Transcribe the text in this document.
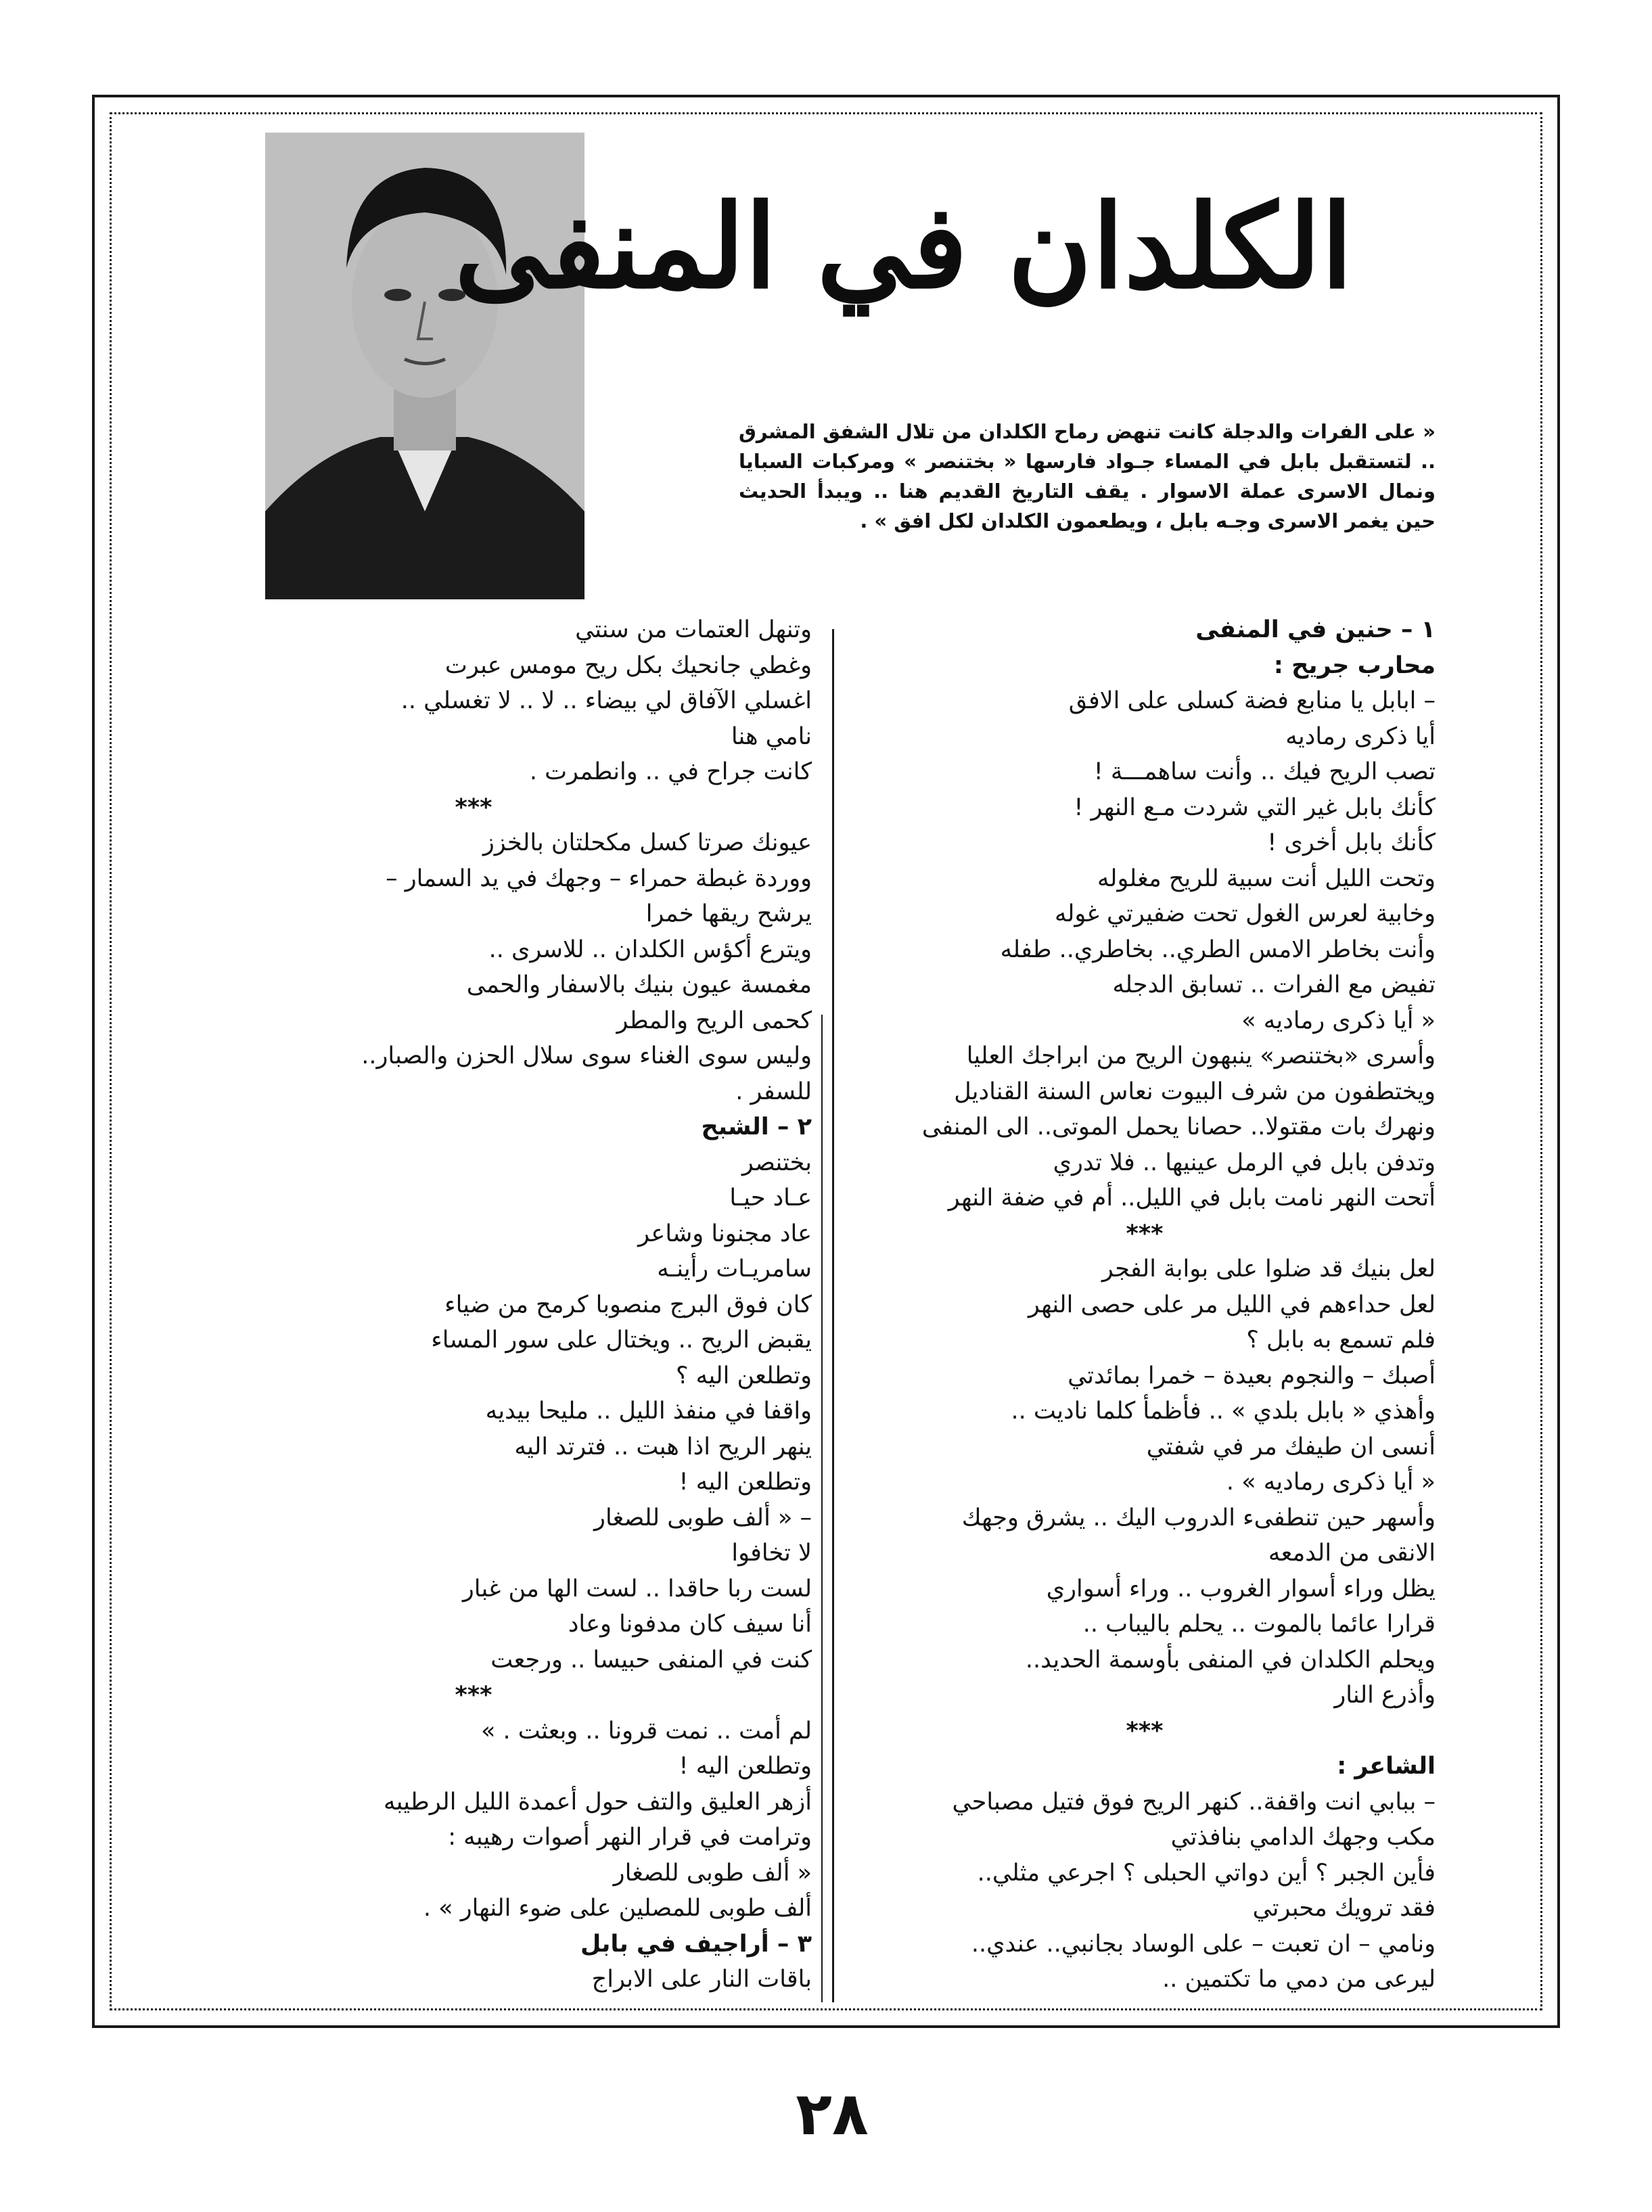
الكلدان في المنفى

« على الفرات والدجلة كانت تنهض رماح الكلدان من تلال الشفق المشرق .. لتستقبل بابل في المساء جـواد فارسها « بختنصر » ومركبات السبايا ونمال الاسرى عملة الاسوار . يقف التاريخ القديم هنا .. ويبدأ الحديث حين يغمر الاسرى وجـه بابل ، ويطعمون الكلدان لكل افق » .

١ – حنين في المنفى
محارب جريح :
– ابابل يا منابع فضة كسلى على الافق
أيا ذكرى رماديه
تصب الريح فيك .. وأنت ساهمـــة !
كأنك بابل غير التي شردت مـع النهر !
كأنك بابل أخرى !
وتحت الليل أنت سبية للريح مغلوله
وخابية لعرس الغول تحت ضفيرتي غوله
وأنت بخاطر الامس الطري.. بخاطري.. طفله
تفيض مع الفرات .. تسابق الدجله
« أيا ذكرى رماديه »
وأسرى «بختنصر» ينبهون الريح من ابراجك العليا
ويختطفون من شرف البيوت نعاس السنة القناديل
ونهرك بات مقتولا.. حصانا يحمل الموتى.. الى المنفى
وتدفن بابل في الرمل عينيها .. فلا تدري
أتحت النهر نامت بابل في الليل.. أم في ضفة النهر
***
لعل بنيك قد ضلوا على بوابة الفجر
لعل حداءهم في الليل مر على حصى النهر
فلم تسمع به بابل ؟
أصبك – والنجوم بعيدة – خمرا بمائدتي
وأهذي « بابل بلدي » .. فأظمأ كلما ناديت ..
أنسى ان طيفك مر في شفتي
« أيا ذكرى رماديه » .
وأسهر حين تنطفىء الدروب اليك .. يشرق وجهك
الانقى من الدمعه
يظل وراء أسوار الغروب .. وراء أسواري
قرارا عائما بالموت .. يحلم باليباب ..
ويحلم الكلدان في المنفى بأوسمة الحديد..
وأذرع النار
***
الشاعر :
– ببابي انت واقفة.. كنهر الريح فوق فتيل مصباحي
مكب وجهك الدامي بنافذتي
فأين الجبر ؟ أين دواتي الحبلى ؟ اجرعي مثلي..
فقد ترويك محبرتي
ونامي – ان تعبت – على الوساد بجانبي.. عندي..
ليرعى من دمي ما تكتمين ..
وتنهل العتمات من سنتي
وغطي جانحيك بكل ريح مومس عبرت
اغسلي الآفاق لي بيضاء .. لا .. لا تغسلي ..
نامي هنا
كانت جراح في .. وانطمرت .
***
عيونك صرتا كسل مكحلتان بالخزز
ووردة غبطة حمراء – وجهك في يد السمار –
يرشح ريقها خمرا
ويترع أكؤس الكلدان .. للاسرى ..
مغمسة عيون بنيك بالاسفار والحمى
كحمى الريح والمطر
وليس سوى الغناء سوى سلال الحزن والصبار..
للسفر .
٢ – الشبح
بختنصر
عـاد حيـا
عاد مجنونا وشاعر
سامريـات رأينـه
كان فوق البرج منصوبا كرمح من ضياء
يقبض الريح .. ويختال على سور المساء
وتطلعن اليه ؟
واقفا في منفذ الليل .. مليحا بيديه
ينهر الريح اذا هبت .. فترتد اليه
وتطلعن اليه !
– « ألف طوبى للصغار
لا تخافوا
لست ربا حاقدا .. لست الها من غبار
أنا سيف كان مدفونا وعاد
كنت في المنفى حبيسا .. ورجعت
***
لم أمت .. نمت قرونا .. وبعثت . »
وتطلعن اليه !
أزهر العليق والتف حول أعمدة الليل الرطيبه
وترامت في قرار النهر أصوات رهيبه :
« ألف طوبى للصغار
ألف طوبى للمصلين على ضوء النهار » .
٣ – أراجيف في بابل
باقات النار على الابراج

٢٨
